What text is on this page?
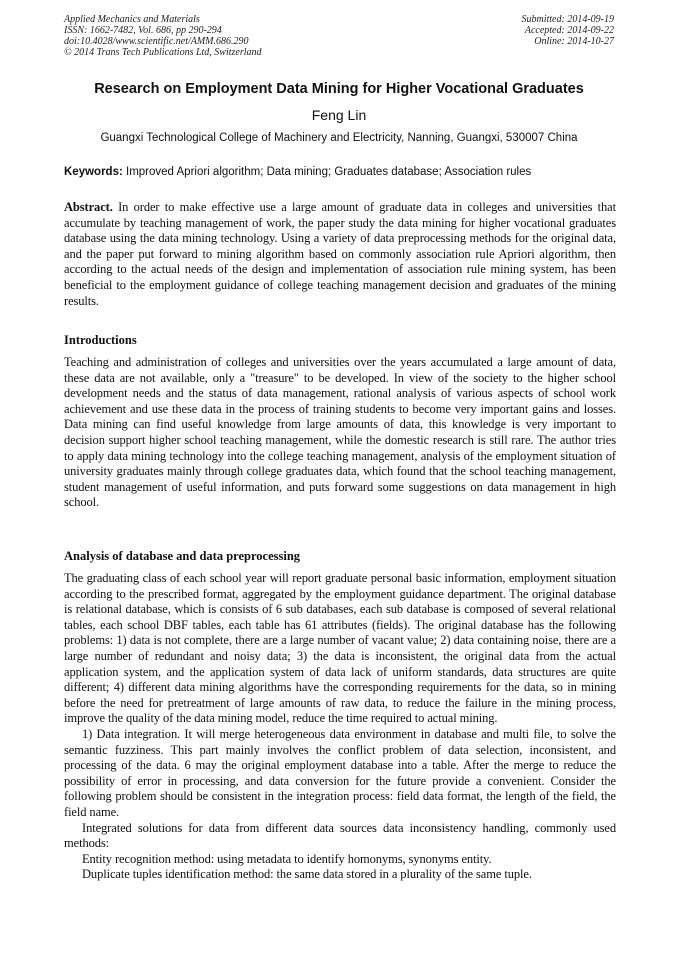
Applied Mechanics and Materials
ISSN: 1662-7482, Vol. 686, pp 290-294
doi:10.4028/www.scientific.net/AMM.686.290
© 2014 Trans Tech Publications Ltd, Switzerland
Submitted: 2014-09-19
Accepted: 2014-09-22
Online: 2014-10-27
Research on Employment Data Mining for Higher Vocational Graduates
Feng Lin
Guangxi Technological College of Machinery and Electricity, Nanning, Guangxi, 530007 China
Keywords: Improved Apriori algorithm; Data mining; Graduates database; Association rules

Abstract. In order to make effective use a large amount of graduate data in colleges and universities that accumulate by teaching management of work, the paper study the data mining for higher vocational graduates database using the data mining technology. Using a variety of data preprocessing methods for the original data, and the paper put forward to mining algorithm based on commonly association rule Apriori algorithm, then according to the actual needs of the design and implementation of association rule mining system, has been beneficial to the employment guidance of college teaching management decision and graduates of the mining results.

Introductions

Teaching and administration of colleges and universities over the years accumulated a large amount of data, these data are not available, only a "treasure" to be developed. In view of the society to the higher school development needs and the status of data management, rational analysis of various aspects of school work achievement and use these data in the process of training students to become very important gains and losses. Data mining can find useful knowledge from large amounts of data, this knowledge is very important to decision support higher school teaching management, while the domestic research is still rare. The author tries to apply data mining technology into the college teaching management, analysis of the employment situation of university graduates mainly through college graduates data, which found that the school teaching management, student management of useful information, and puts forward some suggestions on data management in high school.

Analysis of database and data preprocessing

The graduating class of each school year will report graduate personal basic information, employment situation according to the prescribed format, aggregated by the employment guidance department. The original database is relational database, which is consists of 6 sub databases, each sub database is composed of several relational tables, each school DBF tables, each table has 61 attributes (fields). The original database has the following problems: 1) data is not complete, there are a large number of vacant value; 2) data containing noise, there are a large number of redundant and noisy data; 3) the data is inconsistent, the original data from the actual application system, and the application system of data lack of uniform standards, data structures are quite different; 4) different data mining algorithms have the corresponding requirements for the data, so in mining before the need for pretreatment of large amounts of raw data, to reduce the failure in the mining process, improve the quality of the data mining model, reduce the time required to actual mining.

1) Data integration. It will merge heterogeneous data environment in database and multi file, to solve the semantic fuzziness. This part mainly involves the conflict problem of data selection, inconsistent, and processing of the data. 6 may the original employment database into a table. After the merge to reduce the possibility of error in processing, and data conversion for the future provide a convenient. Consider the following problem should be consistent in the integration process: field data format, the length of the field, the field name.

Integrated solutions for data from different data sources data inconsistency handling, commonly used methods:

Entity recognition method: using metadata to identify homonyms, synonyms entity.

Duplicate tuples identification method: the same data stored in a plurality of the same tuple.
